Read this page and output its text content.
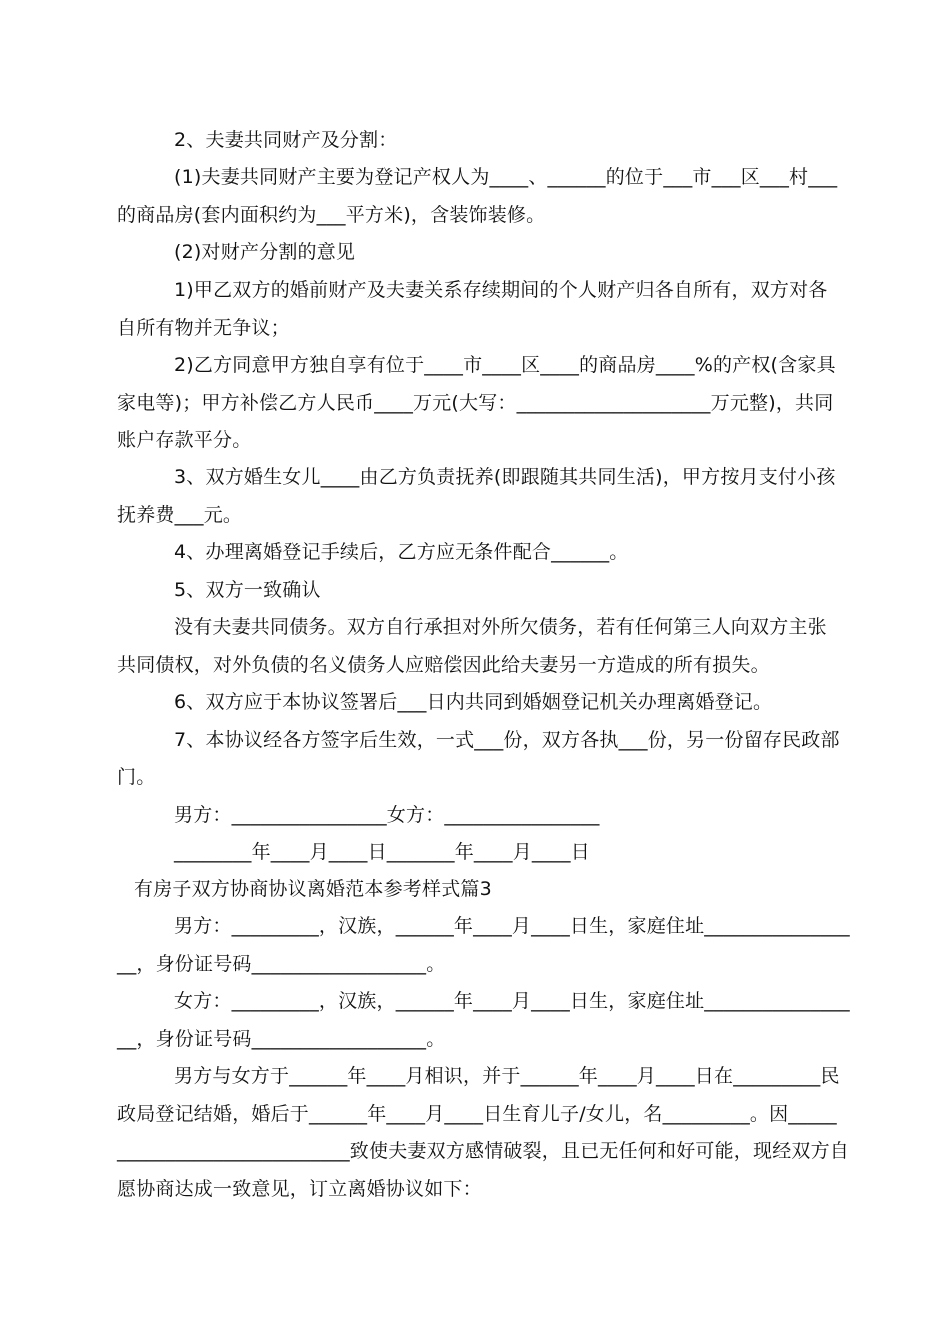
2、夫妻共同财产及分割：
(1)夫妻共同财产主要为登记产权人为____、______的位于___市___区___村___
的商品房(套内面积约为___平方米)，含装饰装修。
(2)对财产分割的意见
1)甲乙双方的婚前财产及夫妻关系存续期间的个人财产归各自所有，双方对各
自所有物并无争议；
2)乙方同意甲方独自享有位于____市____区____的商品房____%的产权(含家具
家电等)；甲方补偿乙方人民币____万元(大写：____________________万元整)，共同
账户存款平分。
3、双方婚生女儿____由乙方负责抚养(即跟随其共同生活)，甲方按月支付小孩
抚养费___元。
4、办理离婚登记手续后，乙方应无条件配合______。
5、双方一致确认
没有夫妻共同债务。双方自行承担对外所欠债务，若有任何第三人向双方主张
共同债权，对外负债的名义债务人应赔偿因此给夫妻另一方造成的所有损失。
6、双方应于本协议签署后___日内共同到婚姻登记机关办理离婚登记。
7、本协议经各方签字后生效，一式___份，双方各执___份，另一份留存民政部
门。
男方：________________女方：________________
________年____月____日_______年____月____日
有房子双方协商协议离婚范本参考样式篇3
男方：_________，汉族，______年____月____日生，家庭住址_______________
__，身份证号码__________________。
女方：_________，汉族，______年____月____日生，家庭住址_______________
__，身份证号码__________________。
男方与女方于______年____月相识，并于______年____月____日在_________民
政局登记结婚，婚后于______年____月____日生育儿子/女儿，名_________。因_____
________________________致使夫妻双方感情破裂，且已无任何和好可能，现经双方自
愿协商达成一致意见，订立离婚协议如下：
